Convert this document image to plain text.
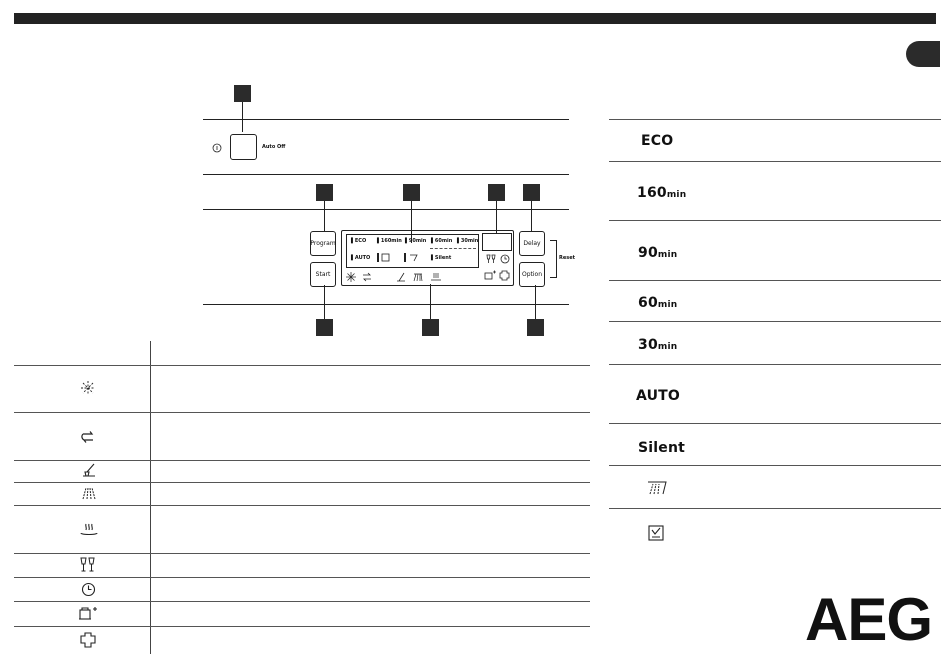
Auto Off
Program
Start
Delay
Option
Reset
▌ECO ▌160min ▌90min ▌60min ▌30min
▌AUTO	▌Silent
ECO
160min
90min
60min
30min
AUTO
Silent
AEG
